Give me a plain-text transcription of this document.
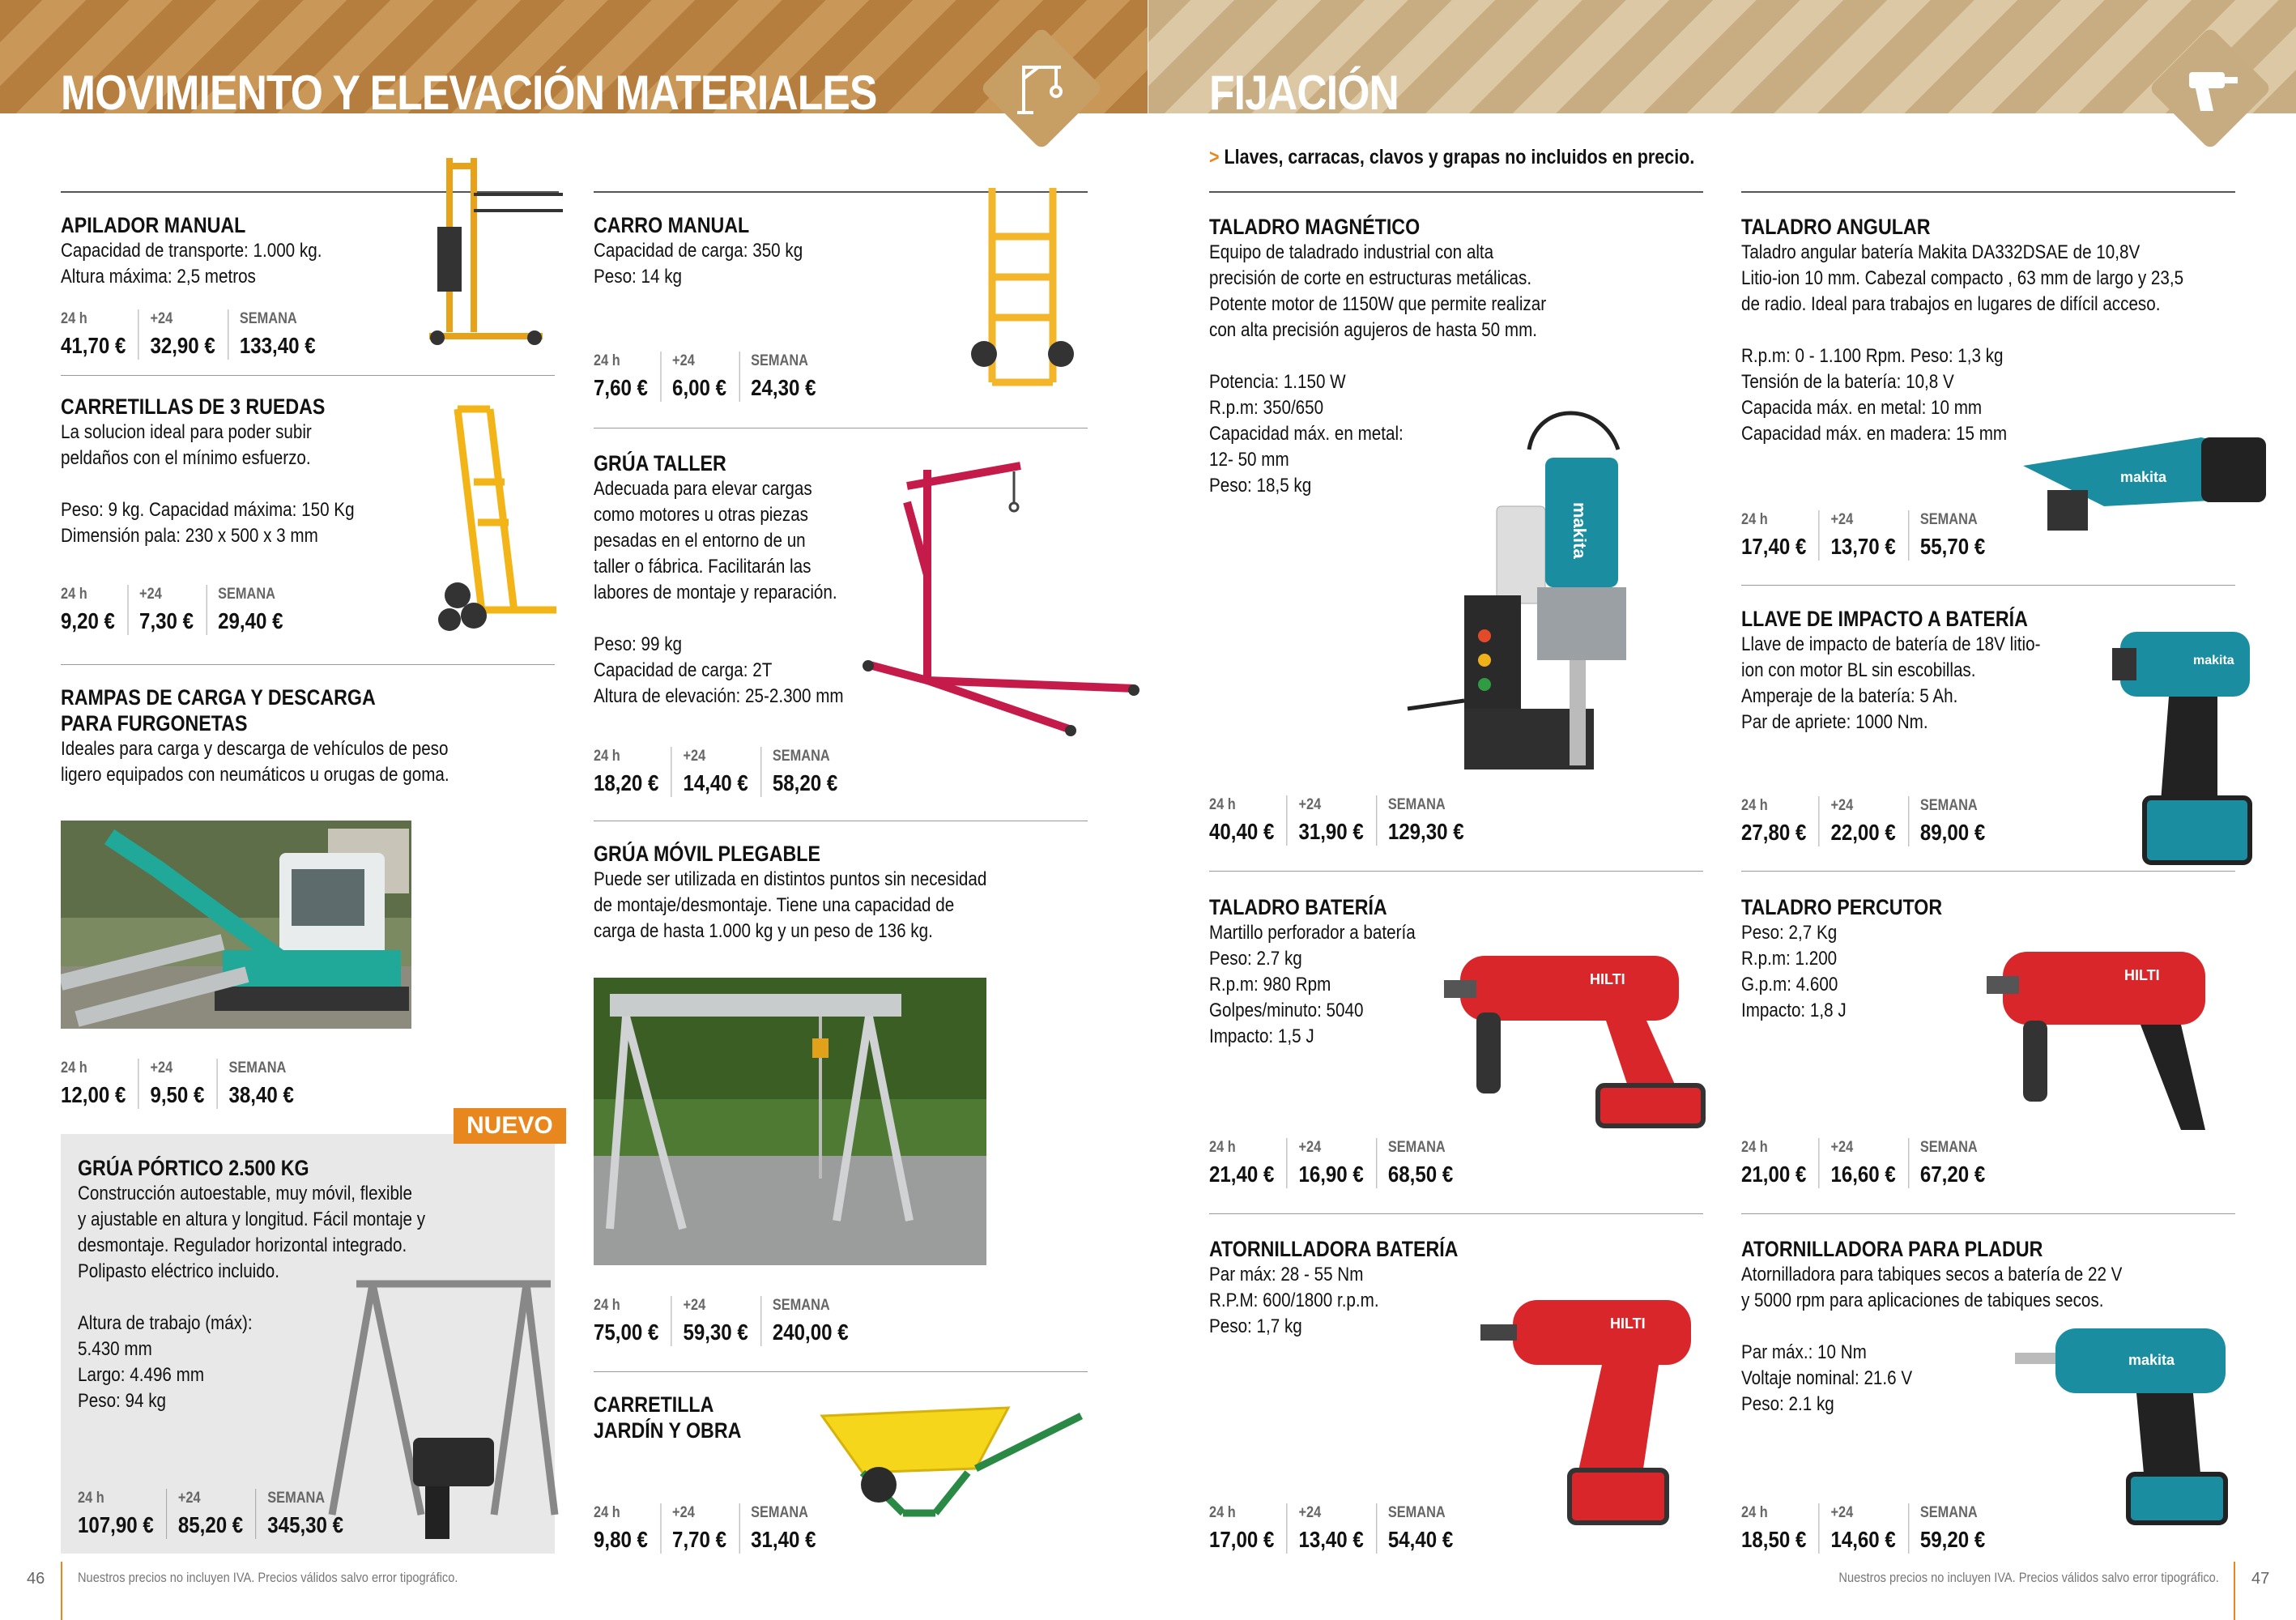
MOVIMIENTO Y ELEVACIÓN MATERIALES
APILADOR MANUAL
Capacidad de transporte: 1.000 kg.
Altura máxima: 2,5 metros
24 h
41,70 €
+24
32,90 €
SEMANA
133,40 €
CARRETILLAS DE 3 RUEDAS
La solucion ideal para poder subir
peldaños con el mínimo esfuerzo.
Peso: 9 kg. Capacidad máxima: 150 Kg
Dimensión pala: 230 x 500 x 3 mm
24 h
9,20 €
+24
7,30 €
SEMANA
29,40 €
RAMPAS DE CARGA Y DESCARGA
PARA FURGONETAS
Ideales para carga y descarga de vehículos de peso
ligero equipados con neumáticos u orugas de goma.
24 h
12,00 €
+24
9,50 €
SEMANA
38,40 €
NUEVO
GRÚA PÓRTICO 2.500 KG
Construcción autoestable, muy móvil, flexible
y ajustable en altura y longitud. Fácil montaje y
desmontaje. Regulador horizontal integrado.
Polipasto eléctrico incluido.
Altura de trabajo (máx):
5.430 mm
Largo: 4.496 mm
Peso: 94 kg
24 h
107,90 €
+24
85,20 €
SEMANA
345,30 €
CARRO MANUAL
Capacidad de carga: 350 kg
Peso: 14 kg
24 h
7,60 €
+24
6,00 €
SEMANA
24,30 €
GRÚA TALLER
Adecuada para elevar cargas
como motores u otras piezas
pesadas en el entorno de un
taller o fábrica. Facilitarán las
labores de montaje y reparación.
Peso: 99 kg
Capacidad de carga: 2T
Altura de elevación: 25-2.300 mm
24 h
18,20 €
+24
14,40 €
SEMANA
58,20 €
GRÚA MÓVIL PLEGABLE
Puede ser utilizada en distintos puntos sin necesidad
de montaje/desmontaje. Tiene una capacidad de
carga de hasta 1.000 kg y un peso de 136 kg.
24 h
75,00 €
+24
59,30 €
SEMANA
240,00 €
CARRETILLA
JARDÍN Y OBRA
24 h
9,80 €
+24
7,70 €
SEMANA
31,40 €
46 Nuestros precios no incluyen IVA. Precios válidos salvo error tipográfico.
FIJACIÓN
> Llaves, carracas, clavos y grapas no incluidos en precio.
TALADRO MAGNÉTICO
Equipo de taladrado industrial con alta
precisión de corte en estructuras metálicas.
Potente motor de 1150W que permite realizar
con alta precisión agujeros de hasta 50 mm.
Potencia: 1.150 W
R.p.m: 350/650
Capacidad máx. en metal:
12- 50 mm
Peso: 18,5 kg
makita
24 h
40,40 €
+24
31,90 €
SEMANA
129,30 €
TALADRO BATERÍA
Martillo perforador a batería
Peso: 2.7 kg
R.p.m: 980 Rpm
Golpes/minuto: 5040
Impacto: 1,5 J
HILTI
24 h
21,40 €
+24
16,90 €
SEMANA
68,50 €
ATORNILLADORA BATERÍA
Par máx: 28 - 55 Nm
R.P.M: 600/1800 r.p.m.
Peso: 1,7 kg	HILTI
24 h
17,00 €
+24
13,40 €
SEMANA
54,40 €
TALADRO ANGULAR
Taladro angular batería Makita DA332DSAE de 10,8V
Litio-ion 10 mm. Cabezal compacto , 63 mm de largo y 23,5
de radio. Ideal para trabajos en lugares de difícil acceso.
R.p.m: 0 - 1.100 Rpm. Peso: 1,3 kg
Tensión de la batería: 10,8 V
Capacida máx. en metal: 10 mm
Capacidad máx. en madera: 15 mm
makita
24 h
17,40 €
+24
13,70 €
SEMANA
55,70 €
LLAVE DE IMPACTO A BATERÍA
Llave de impacto de batería de 18V litio-
ion con motor BL sin escobillas.
Amperaje de la batería: 5 Ah.
Par de apriete: 1000 Nm.
makita
24 h
27,80 €
+24
22,00 €
SEMANA
89,00 €
TALADRO PERCUTOR
Peso: 2,7 Kg
R.p.m: 1.200
G.p.m: 4.600
Impacto: 1,8 J
HILTI
24 h
21,00 €
+24
16,60 €
SEMANA
67,20 €
ATORNILLADORA PARA PLADUR
Atornilladora para tabiques secos a batería de 22 V
y 5000 rpm para aplicaciones de tabiques secos.
Par máx.: 10 Nm
Voltaje nominal: 21.6 V
Peso: 2.1 kg
makita
24 h
18,50 €
+24
14,60 €
SEMANA
59,20 €
Nuestros precios no incluyen IVA. Precios válidos salvo error tipográfico. 47
